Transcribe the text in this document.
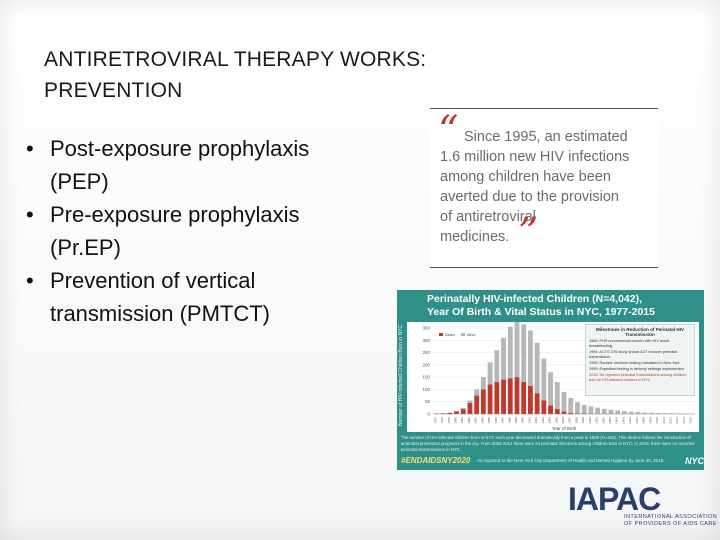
ANTIRETROVIRAL THERAPY WORKS:
PREVENTION
• Post-exposure prophylaxis
(PEP)
• Pre-exposure prophylaxis
(Pr.EP)
• Prevention of vertical
transmission (PMTCT)
“ Since 1995, an estimated
1.6 million new HIV infections
among children have been
averted due to the provision
of antiretroviral
medicines. ”
Perinatally HIV-infected Children (N=4,042),
Year Of Birth & Vital Status in NYC, 1977-2015
Number of HIV-infected Children Born in NYC	0
50
100
150
200
250
300
350
1977 1978 1979 1980 1981 1982 1983 1984 1985 1986 1987 1988 1989 1990 1991 1992 1993 1994 1995 1996 1997 1998 1999 2000 2001 2002 2003 2004 2005 2006 2007 2008 2009 2010 2011 2012 2013 2014 2015
Year of Birth
Dead	Alive
Milestones in Reduction of Perinatal HIV Transmission
1985: PHS recommends women with HIV avoid breastfeeding
1994: ACTG 076 study shows AZT reduces perinatal transmission
1995: Routine newborn testing mandated in New York
1999: Expedited testing in delivery settings implemented
2015: No reported perinatal transmissions among children born to HIV-infected mothers in NYC
The number of HIV-infected children born in NYC each year decreased dramatically from a peak in 1989 (N=383). This decline follows the introduction of antenatal prevention programs in the city. From 2005-2014 there were 24 perinatal infections among children born in NYC; in 2015, there were no reported perinatal transmissions in NYC.
#ENDAIDSNY2020 As reported to the New York City Department of Health and Mental Hygiene by June 30, 2016. NYC
IAPAC
INTERNATIONAL ASSOCIATION
OF PROVIDERS OF AIDS CARE
